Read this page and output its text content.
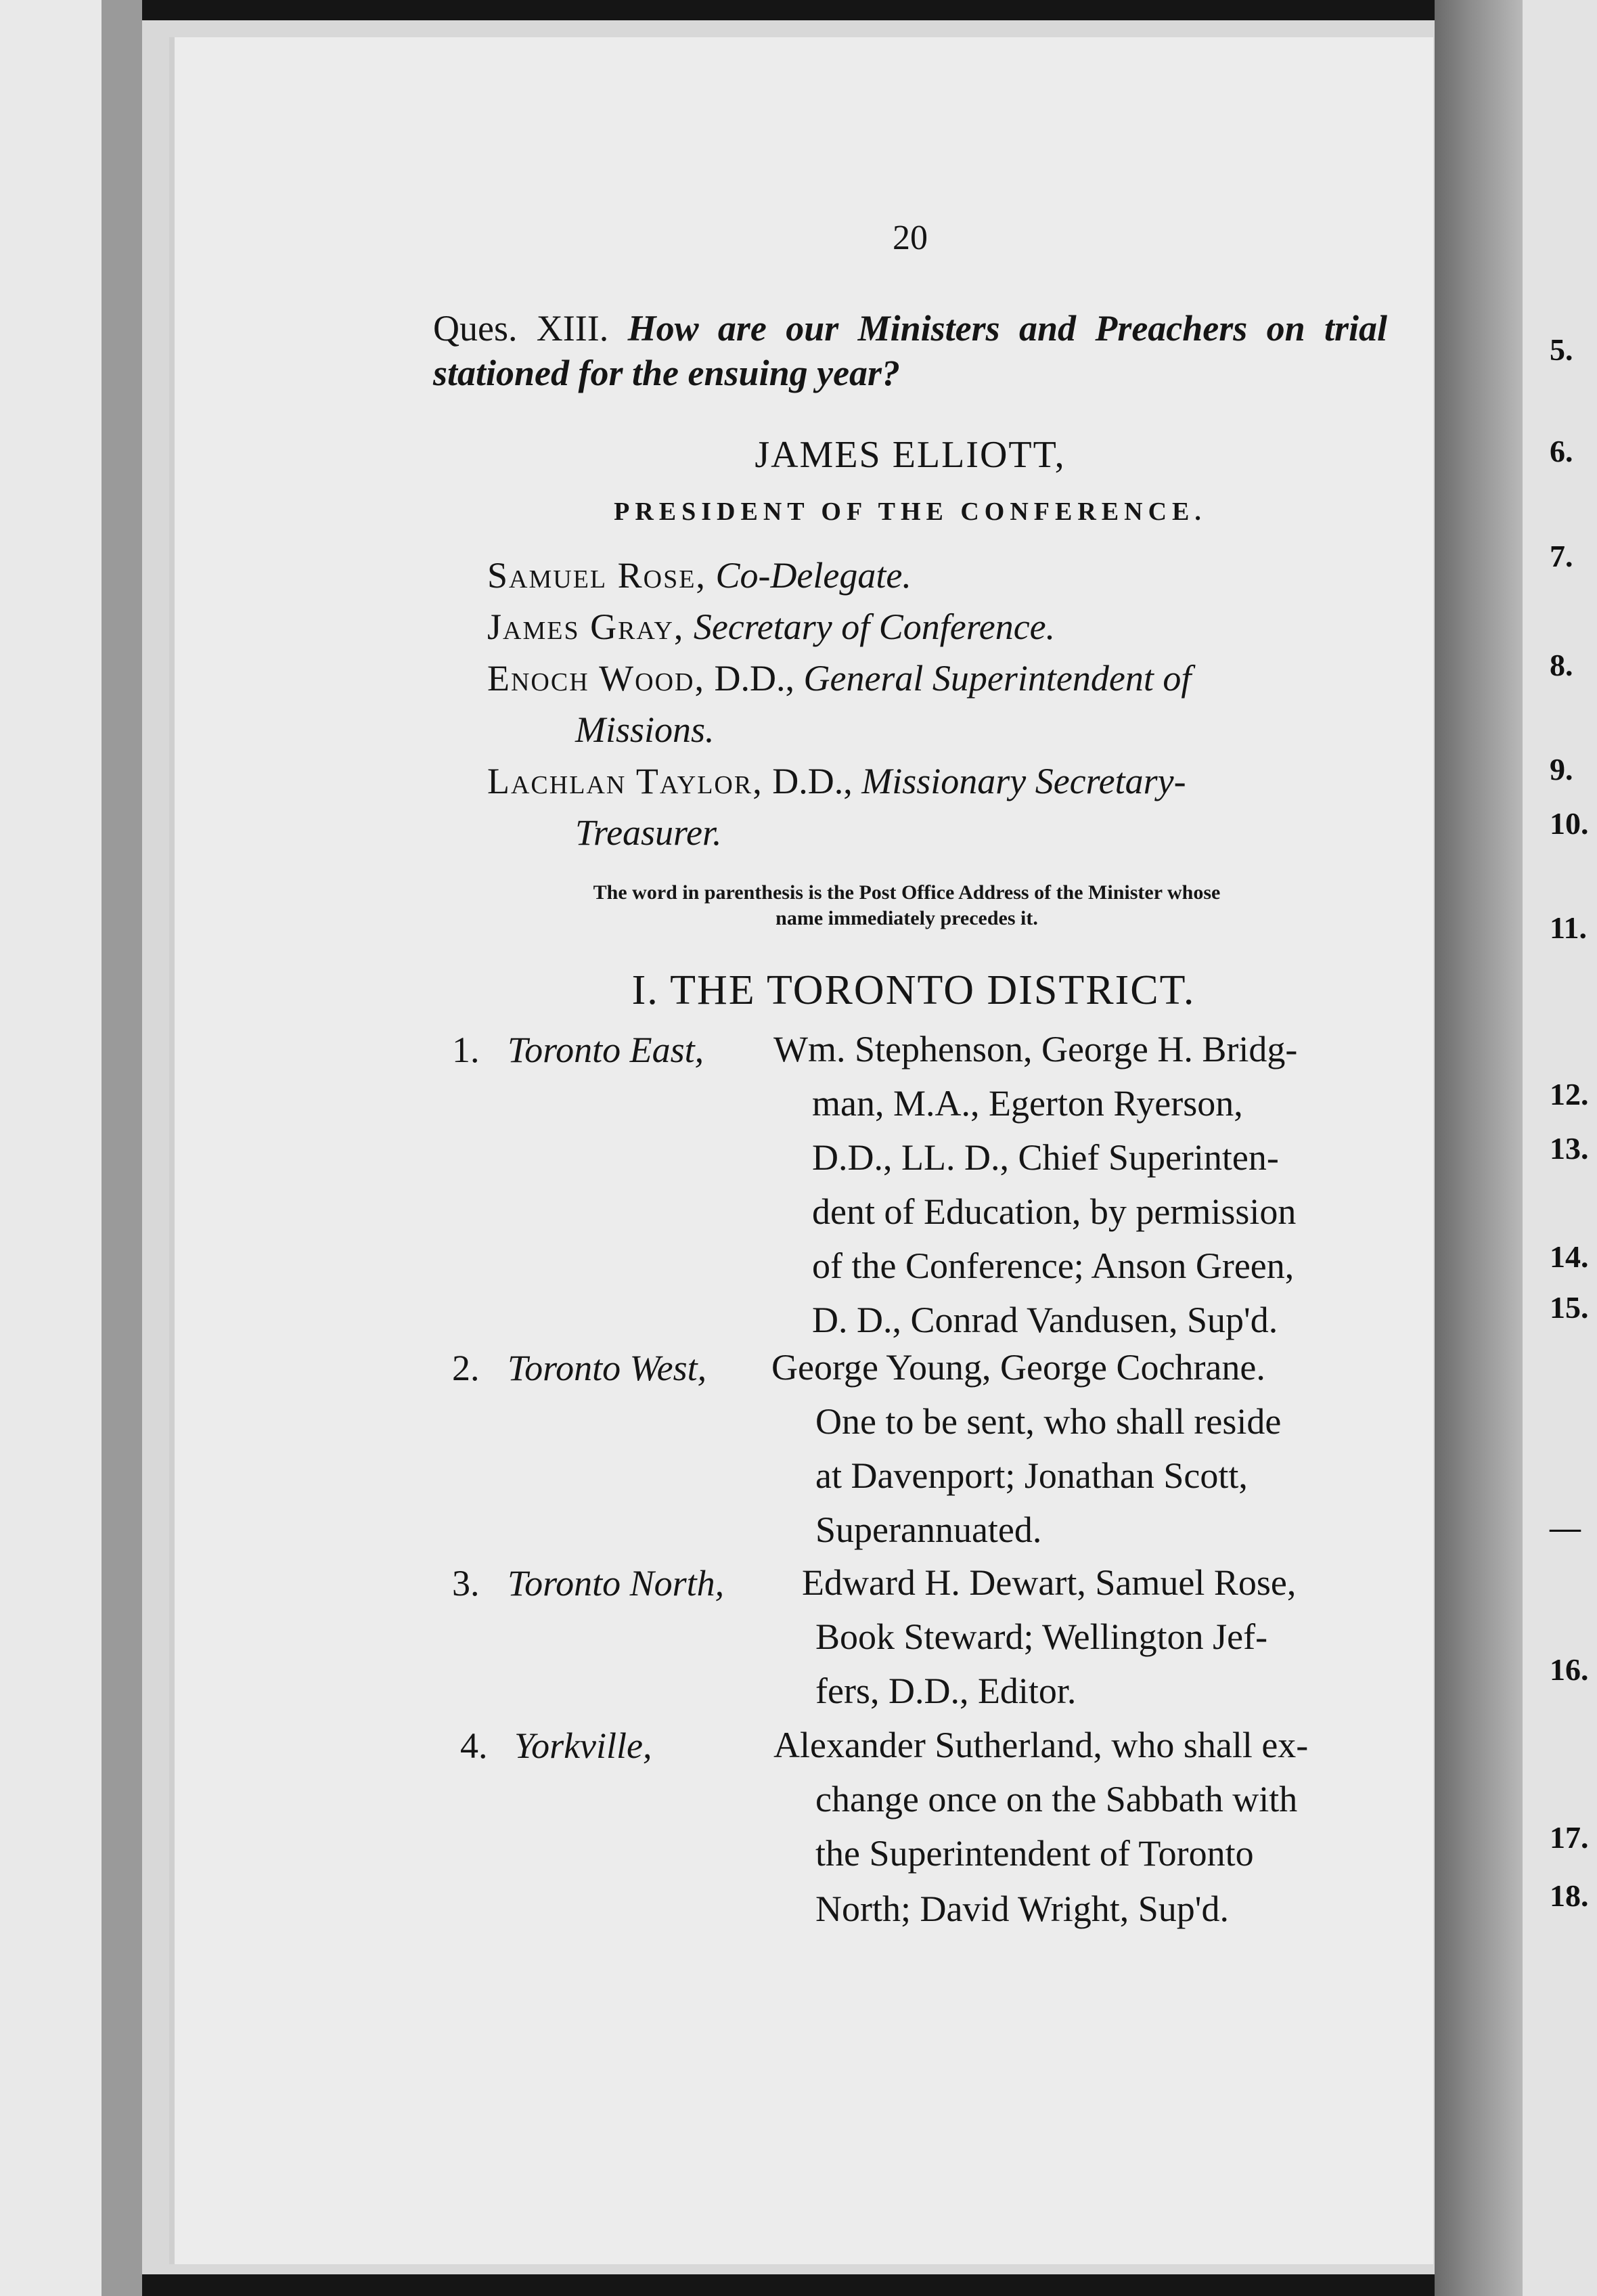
20
Ques. XIII. How are our Ministers and Preachers on trial stationed for the ensuing year?
JAMES ELLIOTT,
PRESIDENT OF THE CONFERENCE.

Samuel Rose, Co-Delegate.

James Gray, Secretary of Conference.

Enoch Wood, D.D., General Superintendent of
Missions.

Lachlan Taylor, D.D., Missionary Secretary-
Treasurer.

The word in parenthesis is the Post Office Address of the Minister whose
name immediately precedes it.
I. THE TORONTO DISTRICT.
1. Toronto East, Wm. Stephenson, George H. Bridg-
man, M.A., Egerton Ryerson,
D.D., LL. D., Chief Superinten-
dent of Education, by permission
of the Conference; Anson Green,
D. D., Conrad Vandusen, Sup'd.
2. Toronto West, George Young, George Cochrane.
One to be sent, who shall reside
at Davenport; Jonathan Scott,
Superannuated.
3. Toronto North, Edward H. Dewart, Samuel Rose,
Book Steward; Wellington Jef-
fers, D.D., Editor.
4. Yorkville,	Alexander Sutherland, who shall ex-
change once on the Sabbath with
the Superintendent of Toronto
North; David Wright, Sup'd.
5.
6.
7.
8.
9.
10.
11.
12.
13.
14.
15.
—
16.
17.
18.
